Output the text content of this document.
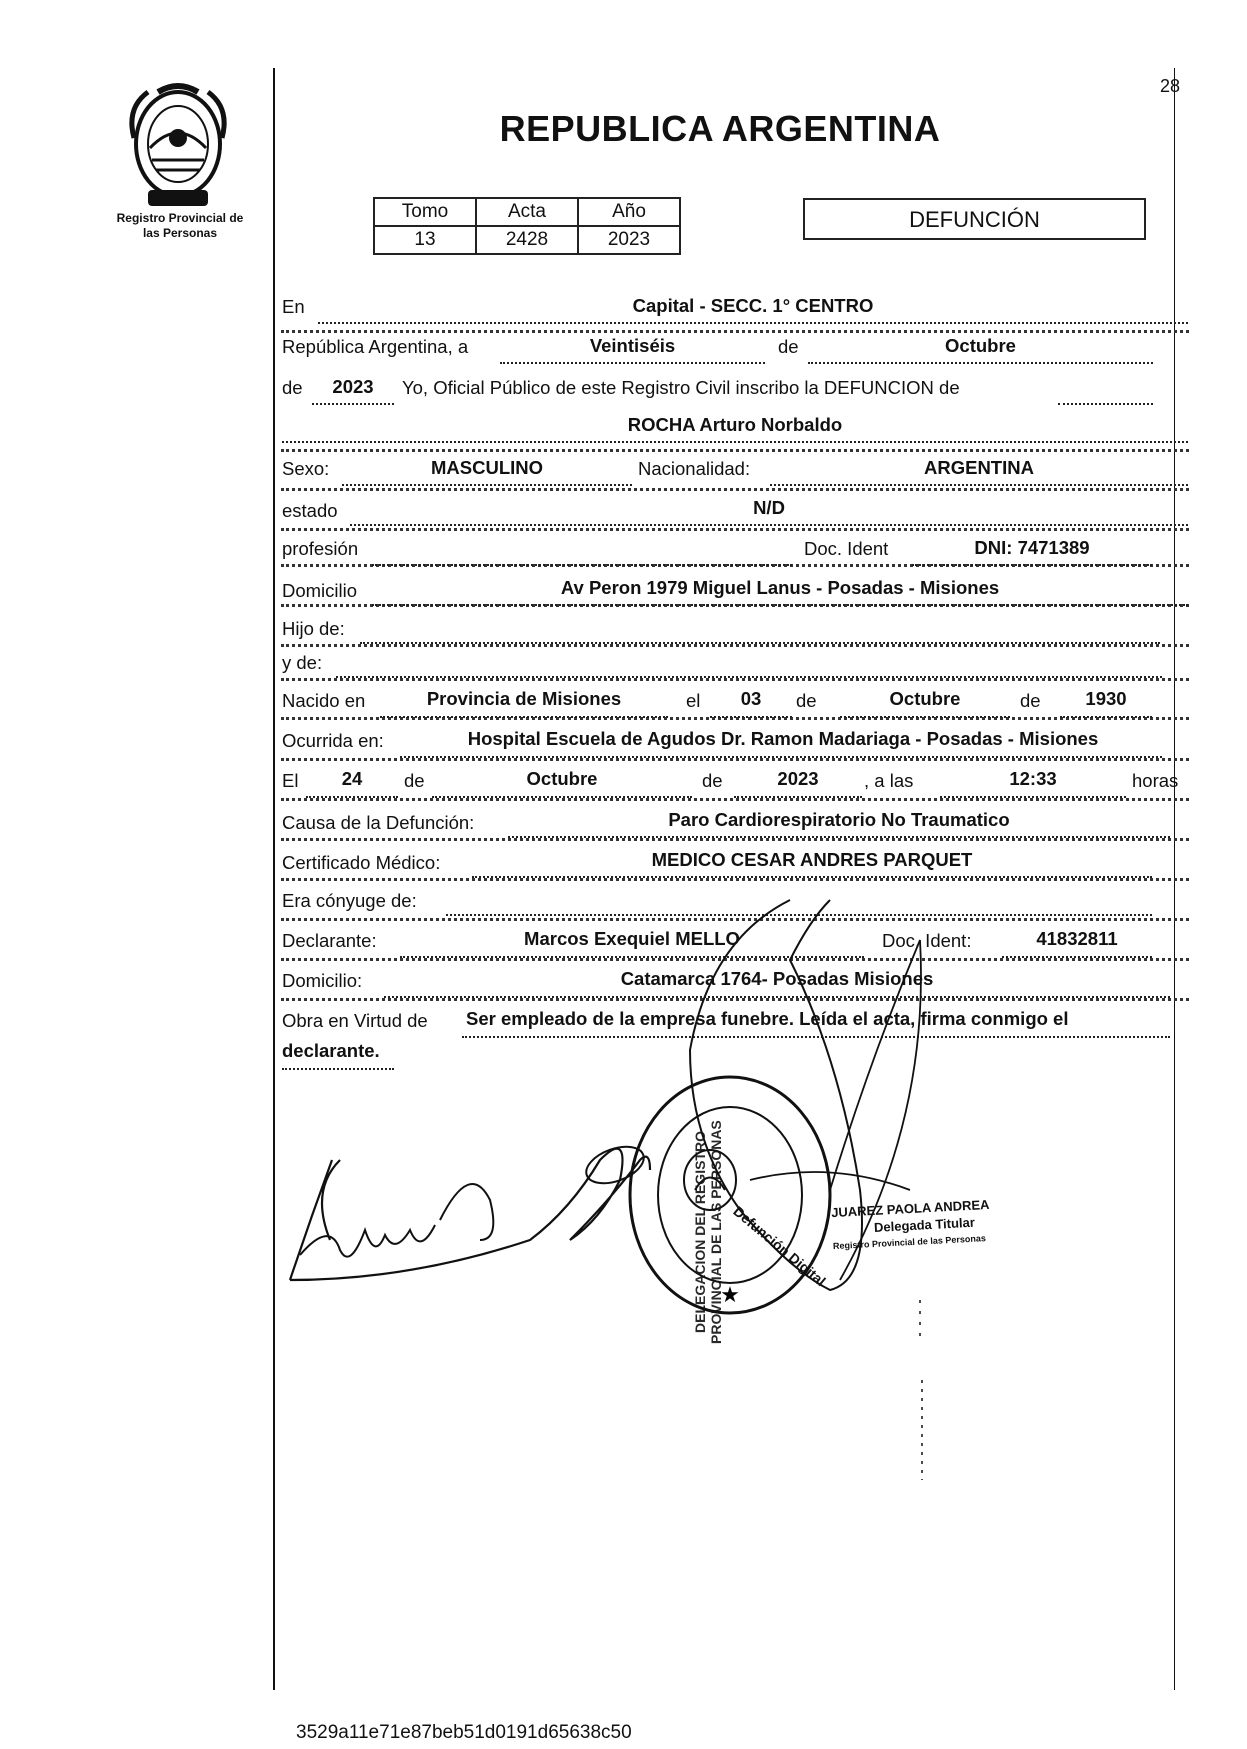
Registro Provincial de
las Personas
28
REPUBLICA ARGENTINA
Tomo	Acta	Año
13	2428	2023
DEFUNCIÓN
En	Capital - SECC. 1° CENTRO
República Argentina, a	Veintiséis	de	Octubre
de	2023	Yo, Oficial Público de este Registro Civil inscribo la DEFUNCION de
ROCHA Arturo Norbaldo
Sexo:	MASCULINO	Nacionalidad:	ARGENTINA
estado	N/D
profesión	Doc. Ident	DNI: 7471389
Domicilio	Av Peron 1979 Miguel Lanus - Posadas - Misiones
Hijo de:
y de:
Nacido en	Provincia de Misiones	el	03	de	Octubre	de	1930
Ocurrida en:	Hospital Escuela de Agudos Dr. Ramon Madariaga - Posadas - Misiones
El	24	de	Octubre	de	2023	, a las	12:33	horas
Causa de la Defunción:	Paro Cardiorespiratorio No Traumatico
Certificado Médico:	MEDICO CESAR ANDRES PARQUET
Era cónyuge de:
Declarante:	Marcos Exequiel MELLO	Doc. Ident:	41832811
Domicilio:	Catamarca 1764- Posadas Misiones
Obra en Virtud de Ser empleado de la empresa funebre. Leída el acta, firma conmigo el
declarante.
★
DELEGACION DEL REGISTRO PROVINCIAL DE LAS PERSONAS Defunción Digital JUAREZ PAOLA ANDREA
Delegada Titular
Registro Provincial de las Personas
3529a11e71e87beb51d0191d65638c50
